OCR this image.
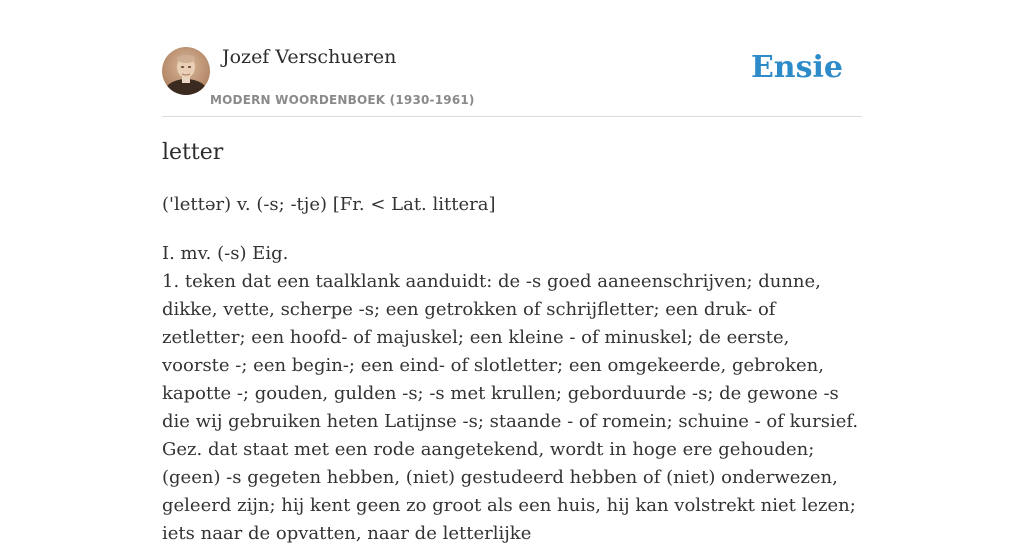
Jozef Verschueren
MODERN WOORDENBOEK (1930-1961)
Ensie
letter
('lettər) v. (-s; -tje) [Fr. < Lat. littera]

I. mv. (-s) Eig.

1. teken dat een taalklank aanduidt: de -s goed aaneenschrijven; dunne, dikke, vette, scherpe -s; een getrokken of schrijfletter; een druk- of zetletter; een hoofd- of majuskel; een kleine - of minuskel; de eerste, voorste -; een begin-; een eind- of slotletter; een omgekeerde, gebroken, kapotte -; gouden, gulden -s; -s met krullen; geborduurde -s; de gewone -s die wij gebruiken heten Latijnse -s; staande - of romein; schuine - of kursief. Gez. dat staat met een rode aangetekend, wordt in hoge ere gehouden; (geen) -s gegeten hebben, (niet) gestudeerd hebben of (niet) onderwezen, geleerd zijn; hij kent geen zo groot als een huis, hij kan volstrekt niet lezen; iets naar de opvatten, naar de letterlijke
